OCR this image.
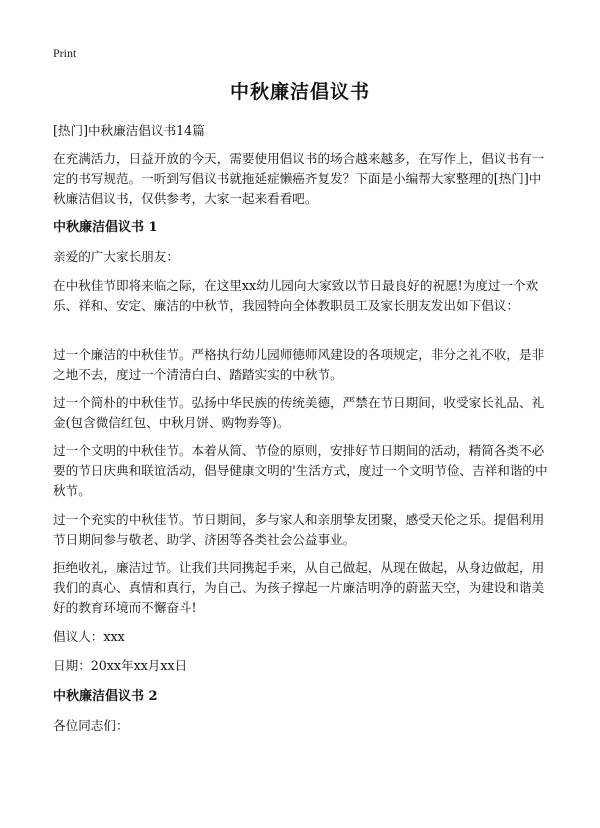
Print
中秋廉洁倡议书

[热门]中秋廉洁倡议书14篇

在充满活力，日益开放的今天，需要使用倡议书的场合越来越多，在写作上，倡议书有一定的书写规范。一听到写倡议书就拖延症懒癌齐复发？下面是小编帮大家整理的[热门]中秋廉洁倡议书，仅供参考，大家一起来看看吧。

中秋廉洁倡议书 1

亲爱的广大家长朋友：

在中秋佳节即将来临之际，在这里xx幼儿园向大家致以节日最良好的祝愿!为度过一个欢乐、祥和、安定、廉洁的中秋节，我园特向全体教职员工及家长朋友发出如下倡议：

过一个廉洁的中秋佳节。严格执行幼儿园师德师风建设的各项规定，非分之礼不收，是非之地不去，度过一个清清白白、踏踏实实的中秋节。

过一个简朴的中秋佳节。弘扬中华民族的传统美德，严禁在节日期间，收受家长礼品、礼金(包含微信红包、中秋月饼、购物券等)。

过一个文明的中秋佳节。本着从简、节俭的原则，安排好节日期间的活动，精简各类不必要的节日庆典和联谊活动，倡导健康文明的'生活方式，度过一个文明节俭、吉祥和谐的中秋节。

过一个充实的中秋佳节。节日期间，多与家人和亲朋挚友团聚，感受天伦之乐。提倡利用节日期间参与敬老、助学、济困等各类社会公益事业。

拒绝收礼，廉洁过节。让我们共同携起手来，从自己做起，从现在做起，从身边做起，用我们的真心、真情和真行，为自己、为孩子撑起一片廉洁明净的蔚蓝天空，为建设和谐美好的教育环境而不懈奋斗!

倡议人：xxx

日期：20xx年xx月xx日

中秋廉洁倡议书 2

各位同志们：
